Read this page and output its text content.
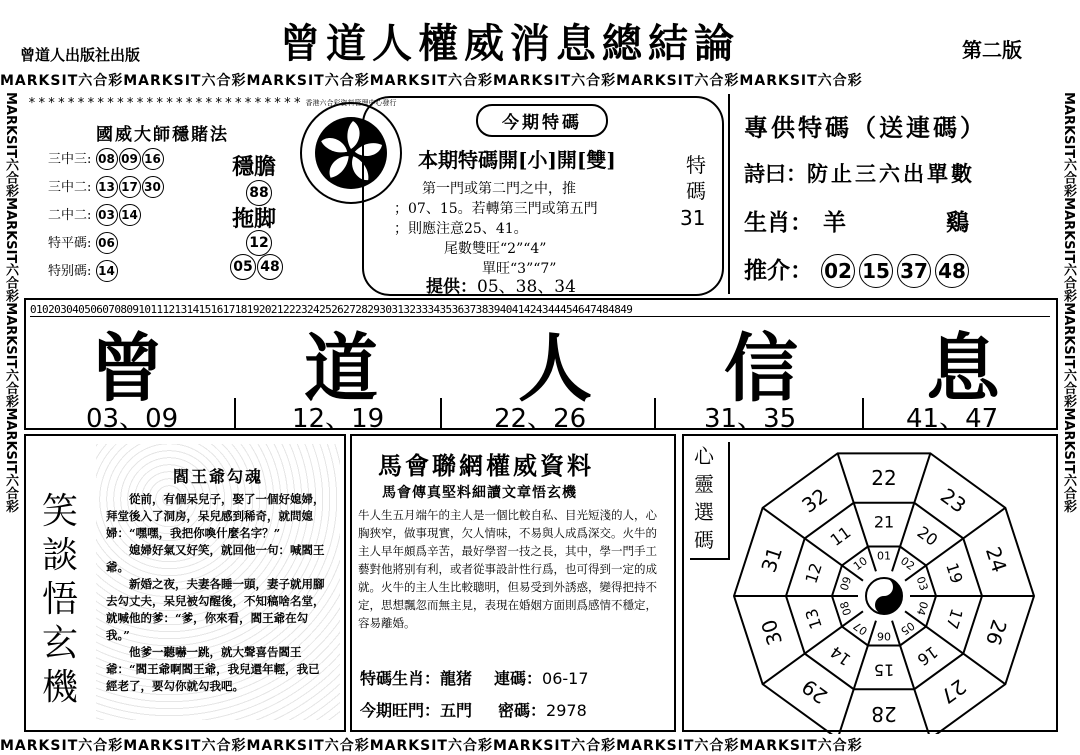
曾道人出版社出版	曾道人權威消息總結論	第二版
MARKSIT六合彩MARKSIT六合彩MARKSIT六合彩MARKSIT六合彩MARKSIT六合彩MARKSIT六合彩MARKSIT六合彩
MARKSIT六合彩MARKSIT六合彩MARKSIT六合彩MARKSIT六合彩MARKSIT六合彩MARKSIT六合彩MARKSIT六合彩
MARKSIT六合彩MARKSIT六合彩MARKSIT六合彩MARKSIT六合彩	MARKSIT六合彩MARKSIT六合彩MARKSIT六合彩MARKSIT六合彩
****************************
國威大師穩賭法
三中三: 08 09 16
三中二: 13 17 30
二中二: 03 14
特平碼: 06
特别碼: 14
穩膽
88
拖脚
12
05 48
香港六合彩資料管理中心發行
今期特碼
本期特碼開[小]開[雙]
第一門或第二門之中，推
；07、15。若轉第三門或第五門
；則應注意25、41。
尾數雙旺“2”“4”
單旺“3”“7”
提供：05、38、34
特碼
31
專供特碼（送連碼）
詩曰：防止三六出單數
生肖： 羊	鷄
推介： 02 15 37 48
0102030405060708091011121314151617181920212223242526272829303132333435363738394041424344454647484849
曾 道 人 信 息
03、09	12、19	22、26	31、35	41、47
笑談悟玄機
閻王爺勾魂

從前，有個呆兒子，娶了一個好媳婦，拜堂後入了洞房，呆兒感到稀奇，就問媳婦：“嘿嘿，我把你喚什麼名字？”

媳婦好氣又好笑，就回他一句：喊閻王爺。

新婚之夜，夫妻各睡一頭，妻子就用腳去勾丈夫，呆兒被勾醒後，不知稿啥名堂，就喊他的爹：“爹，你來看，閻王爺在勾我。”

他爹一聽嚇一跳，就大聲喜告閻王爺：“閻王爺啊閻王爺，我兒還年輕，我已經老了，要勾你就勾我吧。

馬會聯網權威資料
馬會傳真堅料細讀文章悟玄機
牛人生五月端午的主人是一個比較自私、目光短淺的人，心胸狹窄，做事現實，欠人情味，不易與人成爲深交。火牛的主人早年頗爲辛苦，最好學習一技之長，其中，學一門手工藝對他將别有利，或者從事設計性行爲，也可得到一定的成就。火牛的主人生比較聰明，但易受到外誘惑，變得把持不定，思想飄忽而無主見，表現在婚姻方面則爲感情不穩定，容易離婚。
特碼生肖：龍猪 連碼：06-17
今期旺門：五門 密碼：2978
心靈選碼
22
23
24
26
27
28
29
30
31
32
21
20
19
17
16
15
14
13
12
11
01 02
03
04
05
06
07
08
09
10
